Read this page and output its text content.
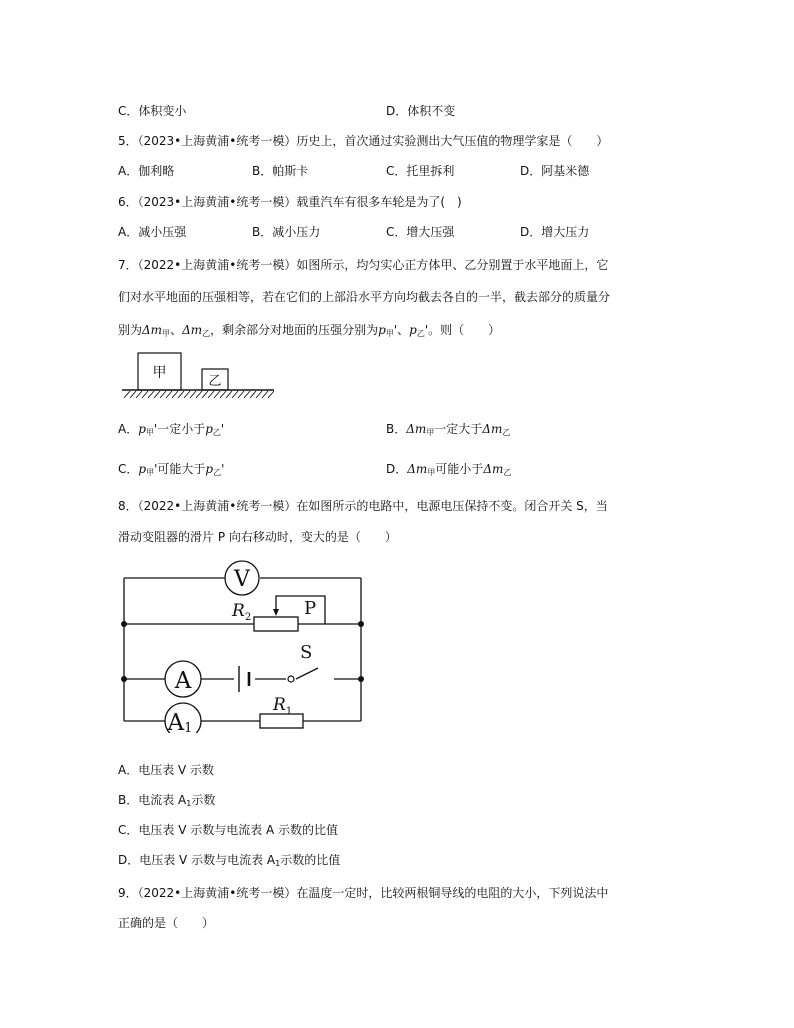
C．体积变小	D．体积不变
5．（2023•上海黄浦•统考一模）历史上，首次通过实验测出大气压值的物理学家是（　　）
A．伽利略	B．帕斯卡	C．托里拆利	D．阿基米德
6．（2023•上海黄浦•统考一模）载重汽车有很多车轮是为了(　)
A．减小压强	B．减小压力	C．增大压强	D．增大压力
7．（2022•上海黄浦•统考一模）如图所示，均匀实心正方体甲、乙分别置于水平地面上，它
们对水平地面的压强相等，若在它们的上部沿水平方向均截去各自的一半，截去部分的质量分
别为$\Delta m_甲$、$\Delta m_乙$，剩余部分对地面的压强分别为$p_甲'$、$p_乙'$。则（　　）
甲
乙
A．$p_甲'$一定小于$p_乙'$	B．$\Delta m_甲$一定大于$\Delta m_乙$
C．$p_甲'$可能大于$p_乙'$	D．$\Delta m_甲$可能小于$\Delta m_乙$
8．（2022•上海黄浦•统考一模）在如图所示的电路中，电源电压保持不变。闭合开关 S，当
滑动变阻器的滑片 P 向右移动时，变大的是（　　）
V
$R_2$	P
A
S
A1
$R_1$
A．电压表 V 示数
B．电流表 $A_1$示数
C．电压表 V 示数与电流表 A 示数的比值
D．电压表 V 示数与电流表 $A_1$示数的比值
9．（2022•上海黄浦•统考一模）在温度一定时，比较两根铜导线的电阻的大小，下列说法中
正确的是（　　）
